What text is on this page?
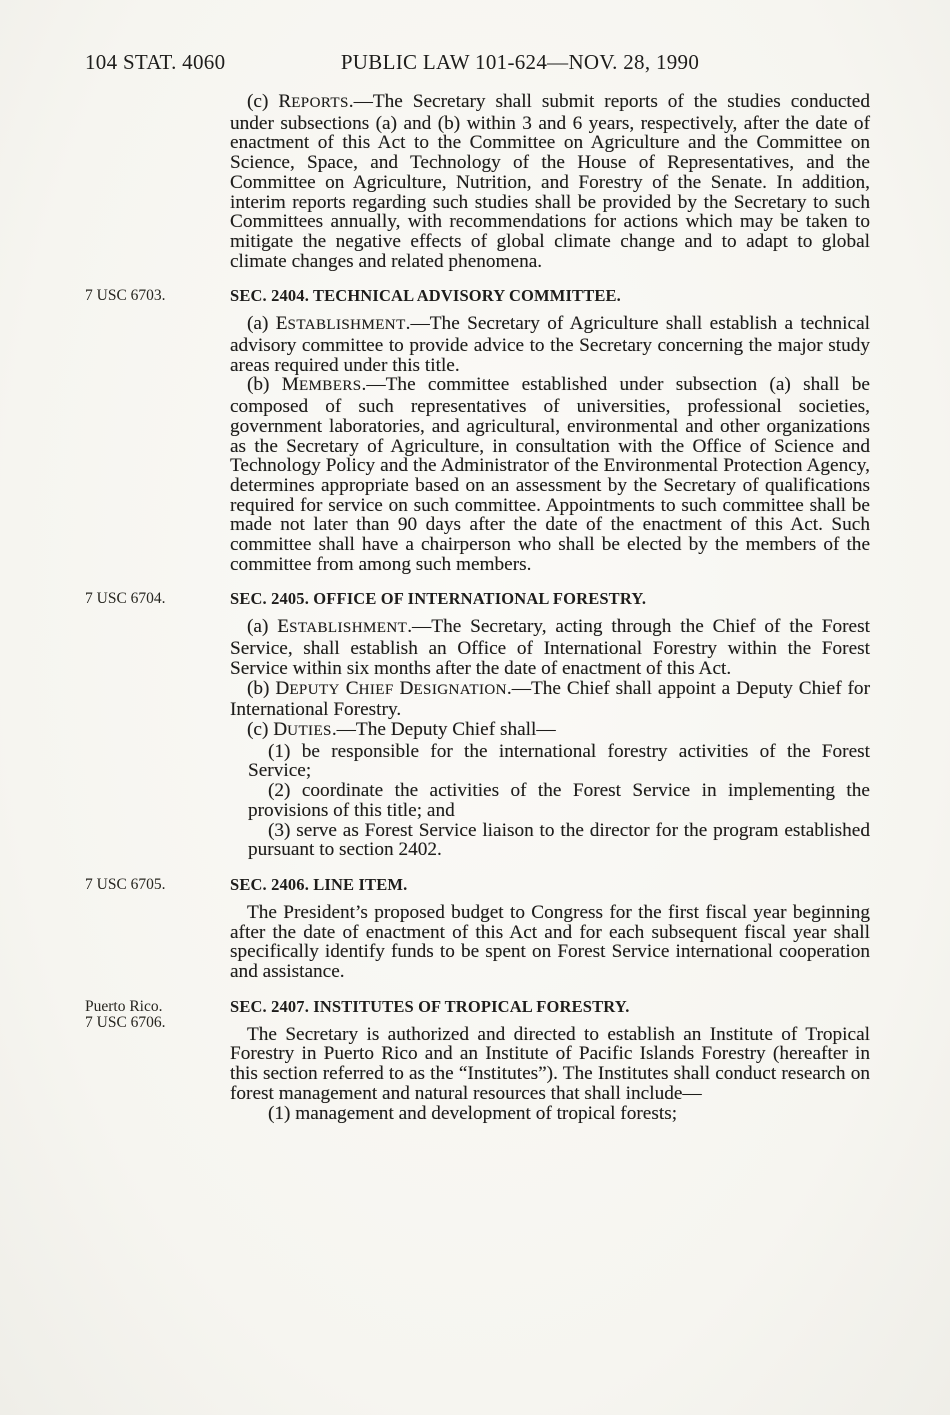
104 STAT. 4060	PUBLIC LAW 101-624—NOV. 28, 1990
(c) REPORTS.—The Secretary shall submit reports of the studies conducted under subsections (a) and (b) within 3 and 6 years, respectively, after the date of enactment of this Act to the Committee on Agriculture and the Committee on Science, Space, and Technology of the House of Representatives, and the Committee on Agriculture, Nutrition, and Forestry of the Senate. In addition, interim reports regarding such studies shall be provided by the Secretary to such Committees annually, with recommendations for actions which may be taken to mitigate the negative effects of global climate change and to adapt to global climate changes and related phenomena.
7 USC 6703.	SEC. 2404. TECHNICAL ADVISORY COMMITTEE.
(a) ESTABLISHMENT.—The Secretary of Agriculture shall establish a technical advisory committee to provide advice to the Secretary concerning the major study areas required under this title.
(b) MEMBERS.—The committee established under subsection (a) shall be composed of such representatives of universities, professional societies, government laboratories, and agricultural, environmental and other organizations as the Secretary of Agriculture, in consultation with the Office of Science and Technology Policy and the Administrator of the Environmental Protection Agency, determines appropriate based on an assessment by the Secretary of qualifications required for service on such committee. Appointments to such committee shall be made not later than 90 days after the date of the enactment of this Act. Such committee shall have a chairperson who shall be elected by the members of the committee from among such members.
7 USC 6704.	SEC. 2405. OFFICE OF INTERNATIONAL FORESTRY.
(a) ESTABLISHMENT.—The Secretary, acting through the Chief of the Forest Service, shall establish an Office of International Forestry within the Forest Service within six months after the date of enactment of this Act.
(b) DEPUTY CHIEF DESIGNATION.—The Chief shall appoint a Deputy Chief for International Forestry.
(c) DUTIES.—The Deputy Chief shall—
(1) be responsible for the international forestry activities of the Forest Service;
(2) coordinate the activities of the Forest Service in implementing the provisions of this title; and
(3) serve as Forest Service liaison to the director for the program established pursuant to section 2402.
7 USC 6705.	SEC. 2406. LINE ITEM.
The President’s proposed budget to Congress for the first fiscal year beginning after the date of enactment of this Act and for each subsequent fiscal year shall specifically identify funds to be spent on Forest Service international cooperation and assistance.
Puerto Rico.
7 USC 6706.
SEC. 2407. INSTITUTES OF TROPICAL FORESTRY.
The Secretary is authorized and directed to establish an Institute of Tropical Forestry in Puerto Rico and an Institute of Pacific Islands Forestry (hereafter in this section referred to as the “Institutes”). The Institutes shall conduct research on forest management and natural resources that shall include—
(1) management and development of tropical forests;
